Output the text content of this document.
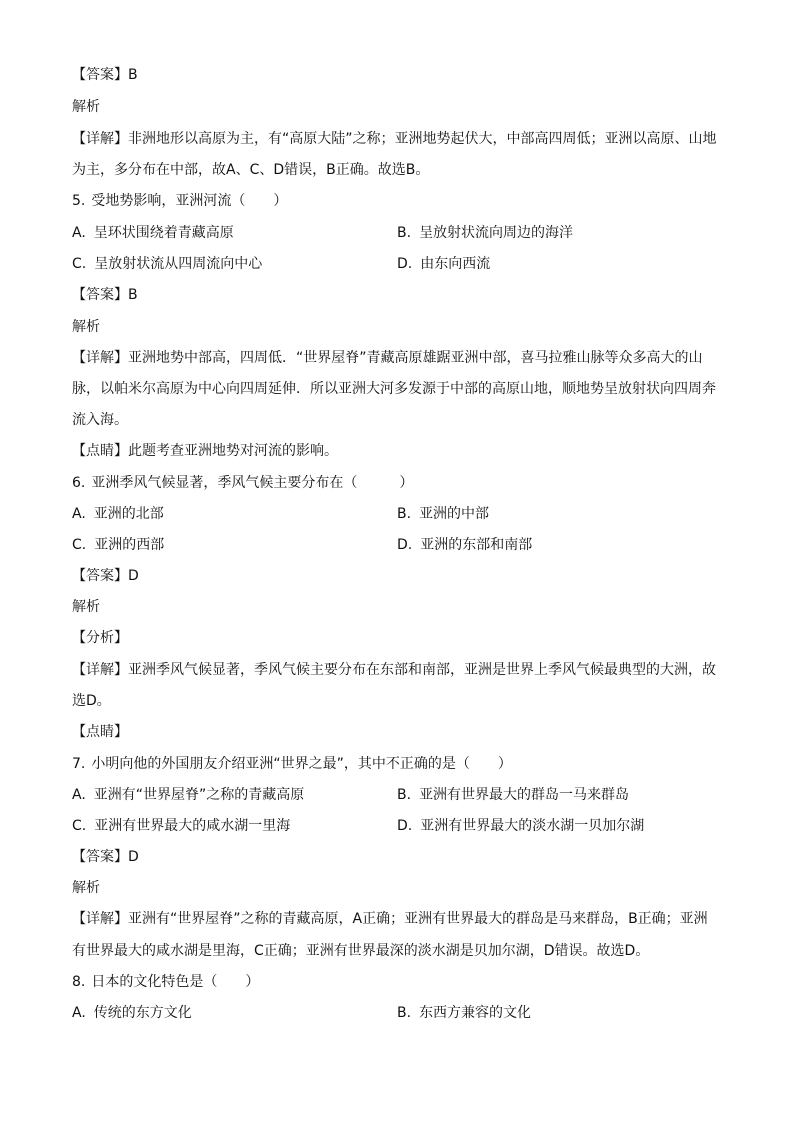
【答案】B
解析
【详解】非洲地形以高原为主，有“高原大陆”之称；亚洲地势起伏大，中部高四周低；亚洲以高原、山地
为主，多分布在中部，故A、C、D错误，B正确。故选B。
5. 受地势影响，亚洲河流（　　）
A. 呈环状围绕着青藏高原	B. 呈放射状流向周边的海洋
C. 呈放射状流从四周流向中心	D. 由东向西流
【答案】B
解析
【详解】亚洲地势中部高，四周低．“世界屋脊”青藏高原雄踞亚洲中部，喜马拉雅山脉等众多高大的山
脉，以帕米尔高原为中心向四周延伸．所以亚洲大河多发源于中部的高原山地，顺地势呈放射状向四周奔
流入海。
【点睛】此题考查亚洲地势对河流的影响。
6. 亚洲季风气候显著，季风气候主要分布在（　　　）
A. 亚洲的北部	B. 亚洲的中部
C. 亚洲的西部	D. 亚洲的东部和南部
【答案】D
解析
【分析】
【详解】亚洲季风气候显著，季风气候主要分布在东部和南部，亚洲是世界上季风气候最典型的大洲，故
选D。
【点睛】
7. 小明向他的外国朋友介绍亚洲“世界之最”，其中不正确的是（　　）
A. 亚洲有“世界屋脊”之称的青藏高原	B. 亚洲有世界最大的群岛一马来群岛
C. 亚洲有世界最大的咸水湖一里海	D. 亚洲有世界最大的淡水湖一贝加尔湖
【答案】D
解析
【详解】亚洲有“世界屋脊”之称的青藏高原，A正确；亚洲有世界最大的群岛是马来群岛，B正确；亚洲
有世界最大的咸水湖是里海，C正确；亚洲有世界最深的淡水湖是贝加尔湖，D错误。故选D。
8. 日本的文化特色是（　　）
A. 传统的东方文化	B. 东西方兼容的文化
